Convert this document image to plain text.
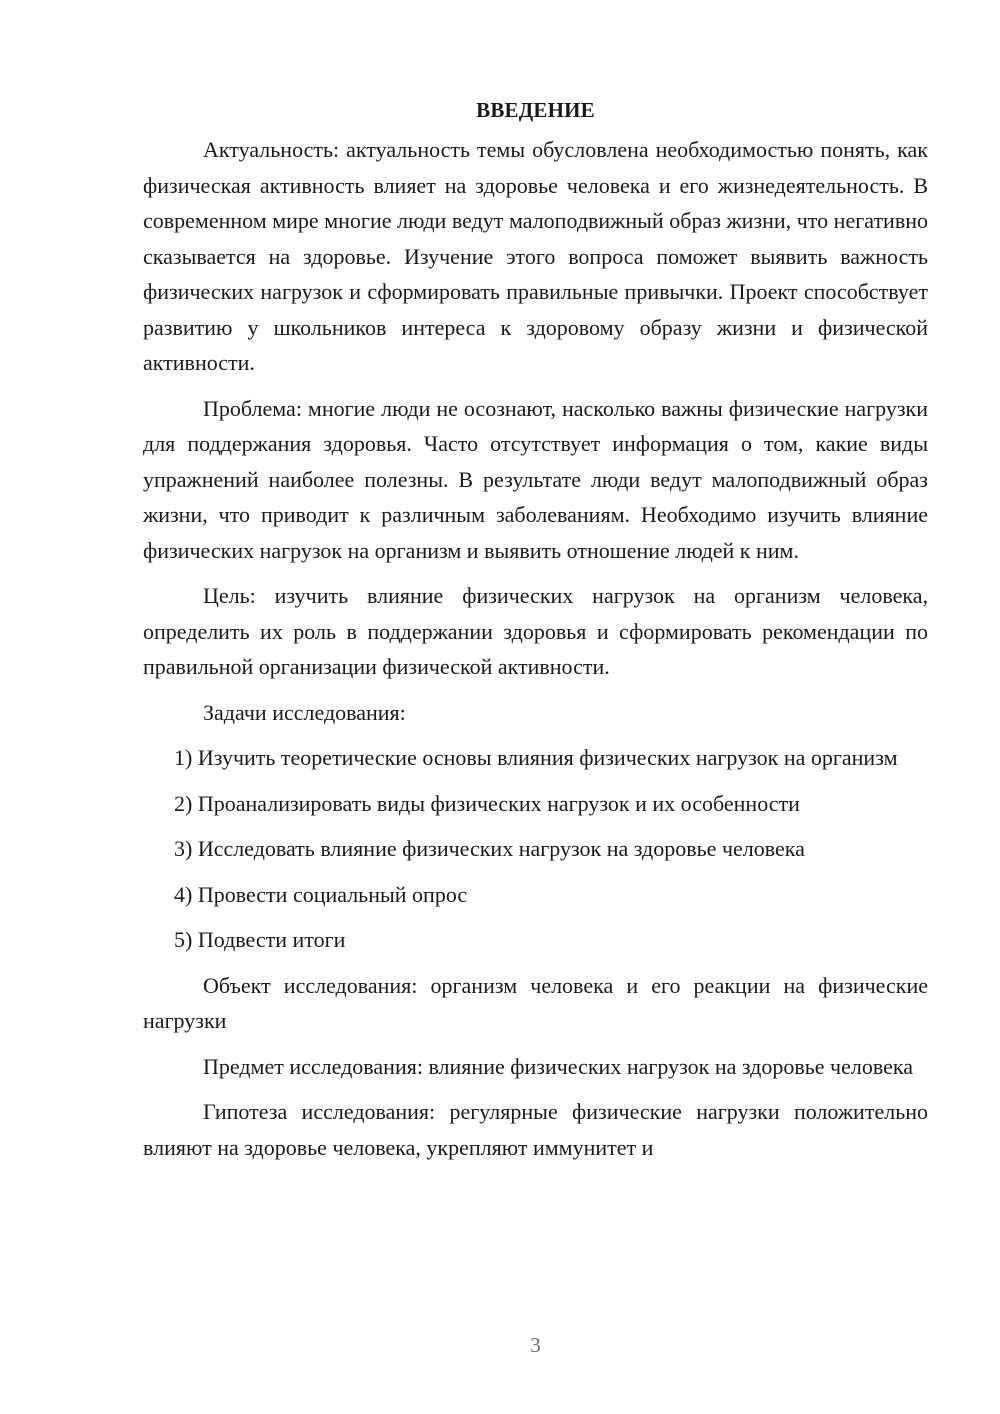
ВВЕДЕНИЕ

Актуальность: актуальность темы обусловлена необходимостью понять, как физическая активность влияет на здоровье человека и его жизнедеятельность. В современном мире многие люди ведут малоподвижный образ жизни, что негативно сказывается на здоровье. Изучение этого вопроса поможет выявить важность физических нагрузок и сформировать правильные привычки. Проект способствует развитию у школьников интереса к здоровому образу жизни и физической активности.

Проблема: многие люди не осознают, насколько важны физические нагрузки для поддержания здоровья. Часто отсутствует информация о том, какие виды упражнений наиболее полезны. В результате люди ведут малоподвижный образ жизни, что приводит к различным заболеваниям. Необходимо изучить влияние физических нагрузок на организм и выявить отношение людей к ним.

Цель: изучить влияние физических нагрузок на организм человека, определить их роль в поддержании здоровья и сформировать рекомендации по правильной организации физической активности.

Задачи исследования:

1) Изучить теоретические основы влияния физических нагрузок на организм

2) Проанализировать виды физических нагрузок и их особенности

3) Исследовать влияние физических нагрузок на здоровье человека

4) Провести социальный опрос

5) Подвести итоги

Объект исследования: организм человека и его реакции на физические нагрузки

Предмет исследования: влияние физических нагрузок на здоровье человека

Гипотеза исследования: регулярные физические нагрузки положительно влияют на здоровье человека, укрепляют иммунитет и

3
